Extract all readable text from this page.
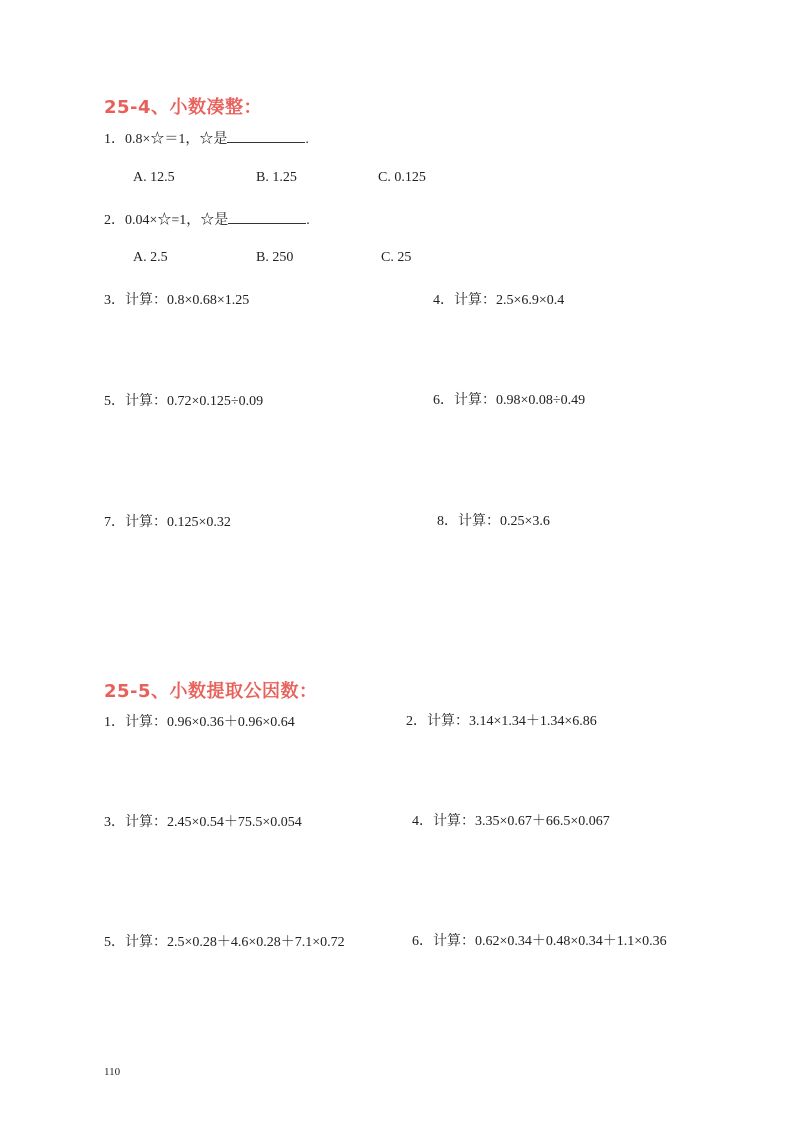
25-4、小数凑整：
1．0.8×☆＝1，☆是	.
A. 12.5	B. 1.25	C. 0.125
2．0.04×☆=1，☆是	.
A. 2.5	B. 250	C. 25
3．计算：0.8×0.68×1.25	4．计算：2.5×6.9×0.4
5．计算：0.72×0.125÷0.09	6．计算：0.98×0.08÷0.49
7．计算：0.125×0.32	8．计算：0.25×3.6
25-5、小数提取公因数：
1．计算：0.96×0.36＋0.96×0.64	2．计算：3.14×1.34＋1.34×6.86
3．计算：2.45×0.54＋75.5×0.054	4．计算：3.35×0.67＋66.5×0.067
5．计算：2.5×0.28＋4.6×0.28＋7.1×0.72	6．计算：0.62×0.34＋0.48×0.34＋1.1×0.36
110
